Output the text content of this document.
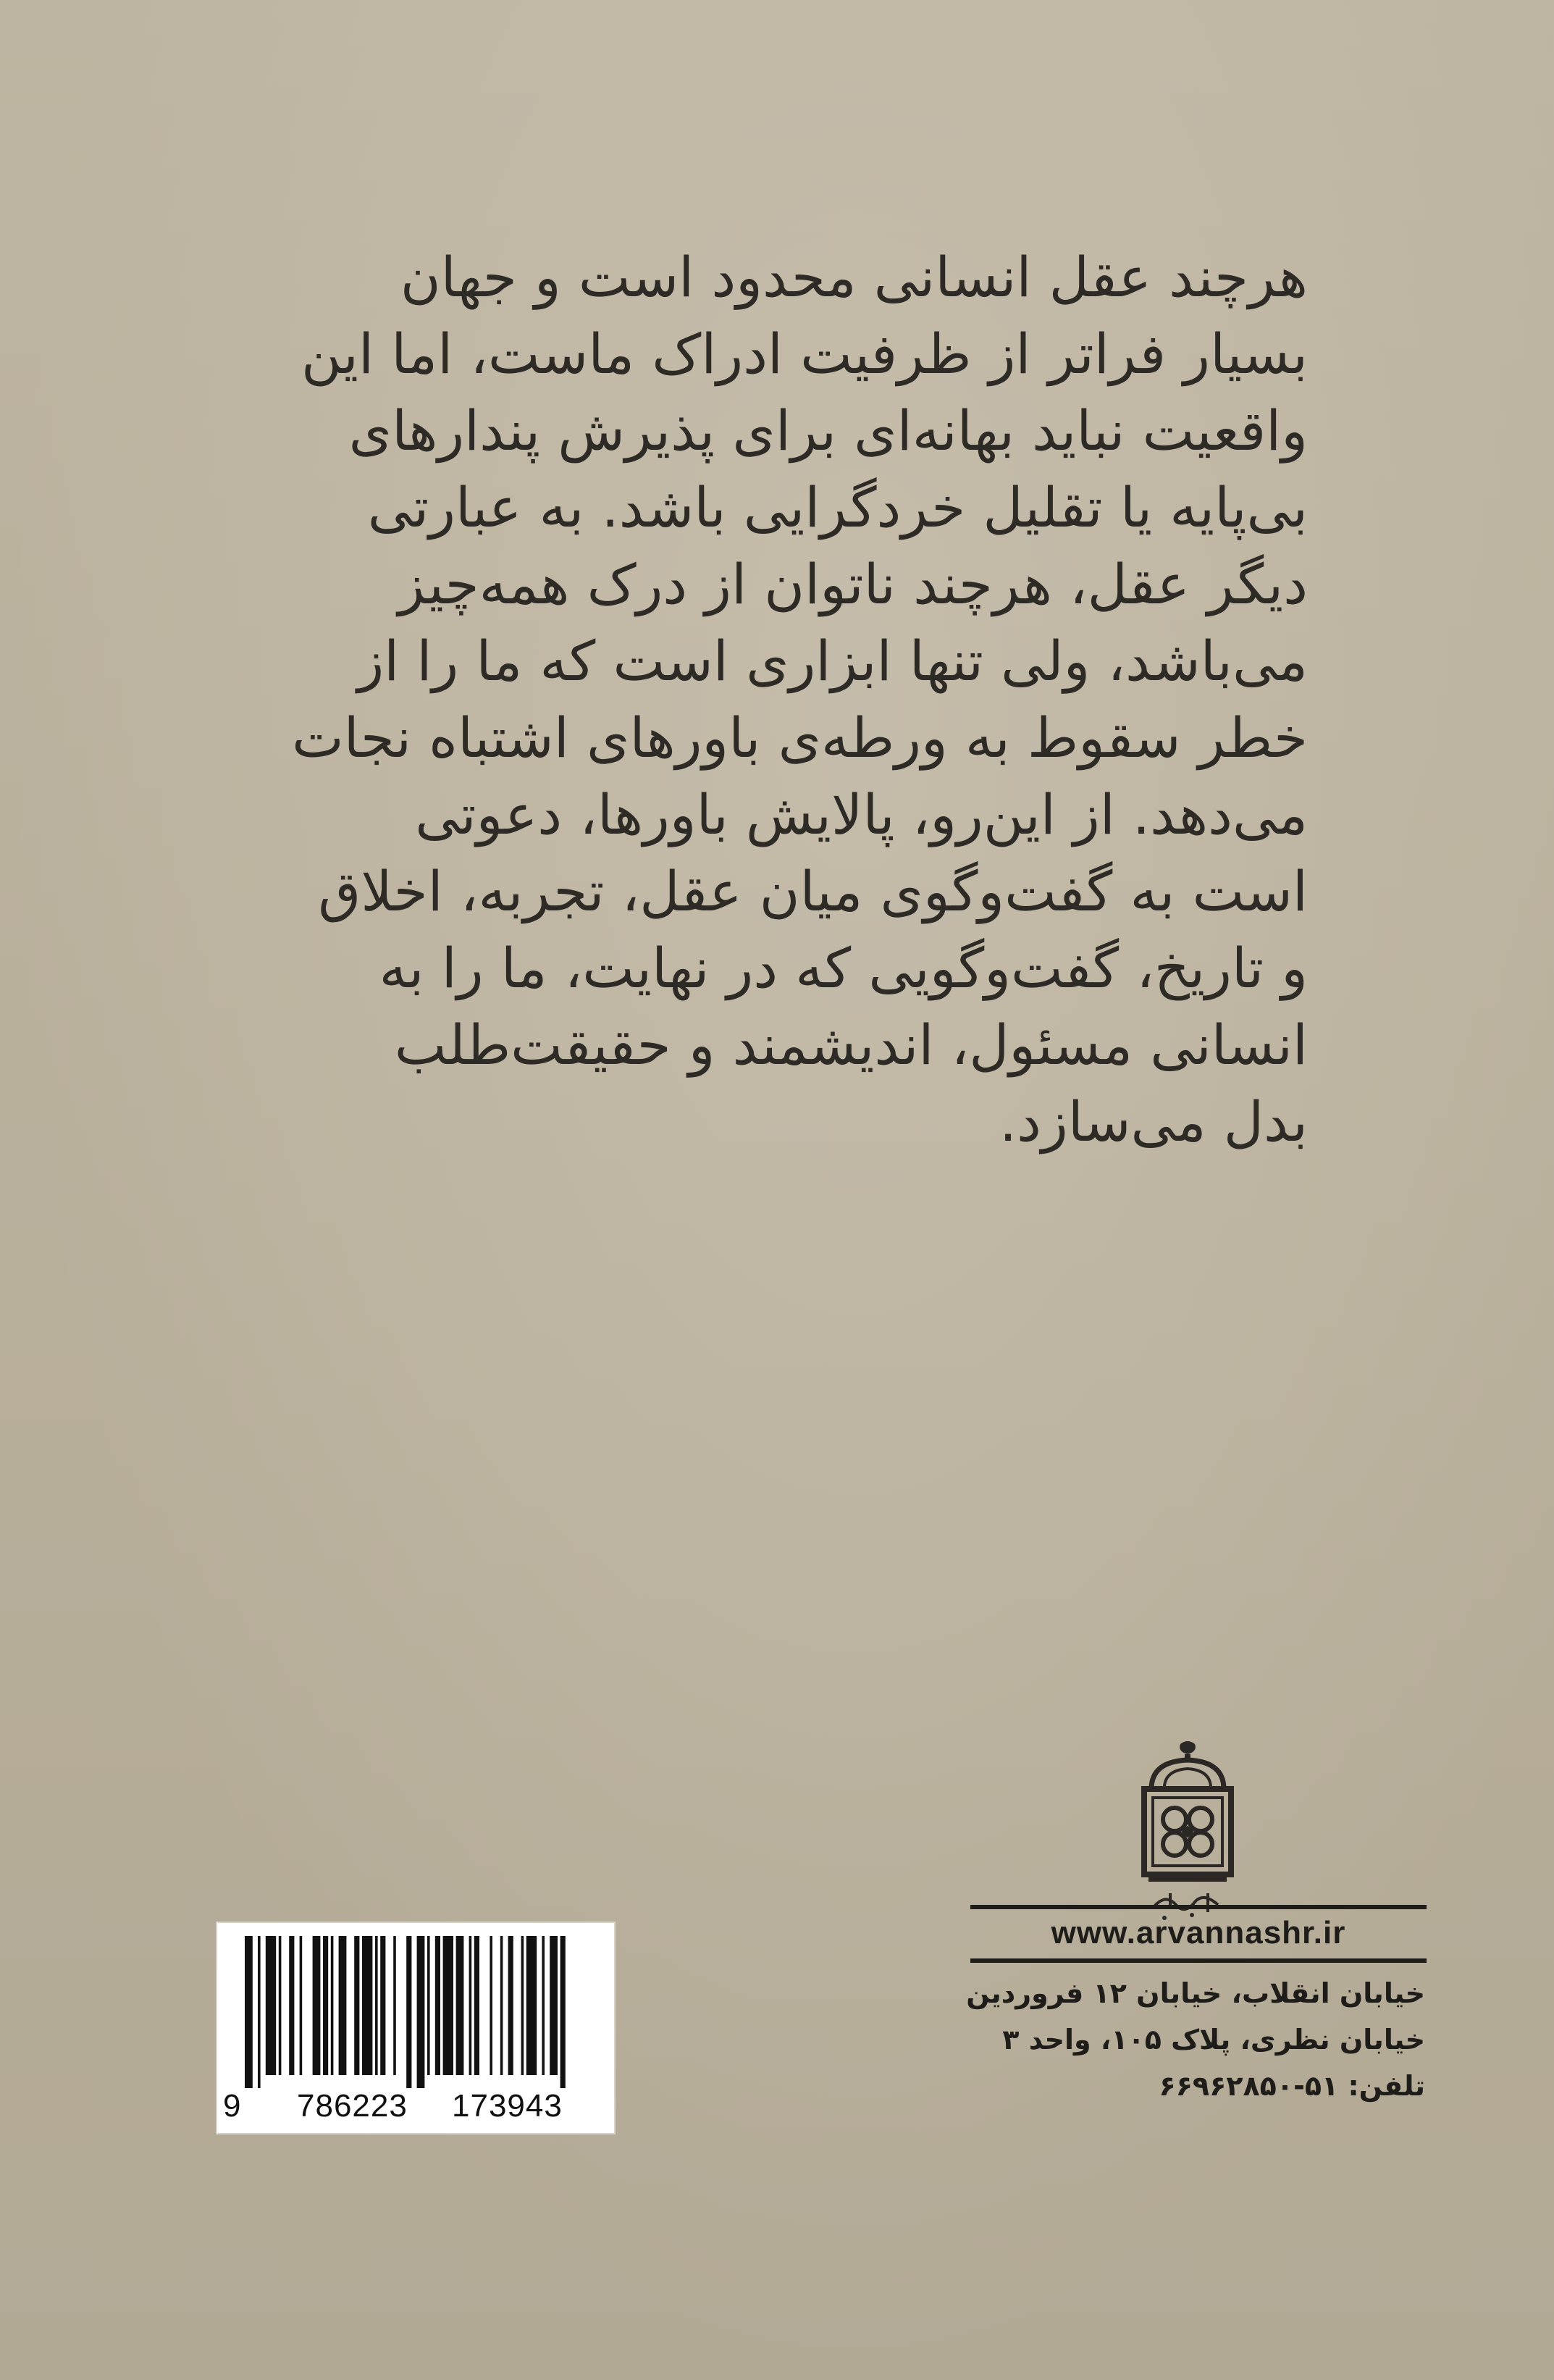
هرچند عقل انسانی محدود است و جهان
بسیار فراتر از ظرفیت ادراک ماست، اما این
واقعیت نباید بهانه‌ای برای پذیرش پندارهای
بی‌پایه یا تقلیل خردگرایی باشد. به عبارتی
دیگر عقل، هرچند ناتوان از درک همه‌چیز
می‌باشد، ولی تنها ابزاری است که ما را از
خطر سقوط به ورطه‌ی باورهای اشتباه نجات
می‌دهد. از این‌رو، پالایش باورها، دعوتی
است به گفت‌وگوی میان عقل، تجربه، اخلاق
و تاریخ، گفت‌وگویی که در نهایت، ما را به
انسانی مسئول، اندیشمند و حقیقت‌طلب
بدل می‌سازد.
www.arvannashr.ir
خیابان انقلاب، خیابان ۱۲ فروردین
خیابان نظری، پلاک ۱۰۵، واحد ۳
تلفن: ۵۱-۶۶۹۶۲۸۵۰
9 786223 173943
